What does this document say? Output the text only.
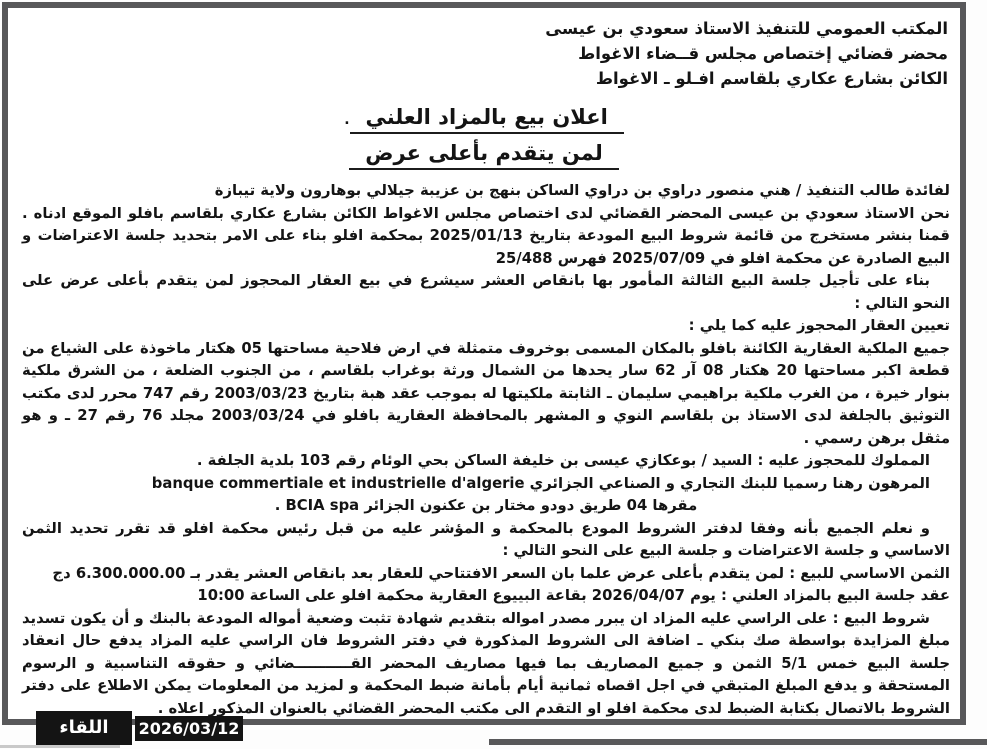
المكتب العمومي للتنفيذ الاستاذ سعودي بن عيسى
محضر قضائي إختصاص مجلس قــضاء الاغواط
الكائن بشارع عكاري بلقاسم افـلو ـ الاغواط
اعلان بيع بالمزاد العلني.
لمن يتقدم بأعلى عرض

لفائدة طالب التنفيذ / هني منصور دراوي بن دراوي الساكن بنهج بن عزيبة جيلالي بوهارون ولاية تيبازة

نحن الاستاذ سعودي بن عيسى المحضر القضائي لدى اختصاص مجلس الاغواط الكائن بشارع عكاري بلقاسم بافلو الموقع ادناه . قمنا بنشر مستخرج من قائمة شروط البيع المودعة بتاريخ 2025/01/13 بمحكمة افلو بناء على الامر بتحديد جلسة الاعتراضات و البيع الصادرة عن محكمة افلو في 2025/07/09 فهرس 25/488

بناء على تأجيل جلسة البيع الثالثة المأمور بها بانقاص العشر سيشرع في بيع العقار المحجوز لمن يتقدم بأعلى عرض على النحو التالي :

تعيين العقار المحجوز عليه كما يلي :

جميع الملكية العقارية الكائنة بافلو بالمكان المسمى بوخروف متمثلة في ارض فلاحية مساحتها 05 هكتار ماخوذة على الشياع من قطعة اكبر مساحتها 20 هكتار 08 آر 62 سار يحدها من الشمال ورثة بوغراب بلقاسم ، من الجنوب الضلعة ، من الشرق ملكية بنوار خيرة ، من الغرب ملكية براهيمي سليمان ـ الثابتة ملكيتها له بموجب عقد هبة بتاريخ 2003/03/23 رقم 747 محرر لدى مكتب التوثيق بالجلفة لدى الاستاذ بن بلقاسم النوي و المشهر بالمحافظة العقارية بافلو في 2003/03/24 مجلد 76 رقم 27 ـ و هو مثقل برهن رسمي .

المملوك للمحجوز عليه : السيد / بوعكازي عيسى بن خليفة الساكن بحي الوئام رقم 103 بلدية الجلفة .

المرهون رهنا رسميا للبنك التجاري و الصناعي الجزائري banque commertiale et industrielle d'algerie

مقرها 04 طريق دودو مختار بن عكنون الجزائر BCIA spa .

و نعلم الجميع بأنه وفقا لدفتر الشروط المودع بالمحكمة و المؤشر عليه من قبل رئيس محكمة افلو قد تقرر تحديد الثمن الاساسي و جلسة الاعتراضات و جلسة البيع على النحو التالي :

الثمن الاساسي للبيع : لمن يتقدم بأعلى عرض علما بان السعر الافتتاحي للعقار بعد بانقاص العشر يقدر بـ 6.300.000.00 دج

عقد جلسة البيع بالمزاد العلني : يوم 2026/04/07 بقاعة البييوع العقارية محكمة افلو على الساعة 10:00

شروط البيع : على الراسي عليه المزاد ان يبرر مصدر امواله بتقديم شهادة تثبت وضعية أمواله المودعة بالبنك و أن يكون تسديد مبلغ المزايدة بواسطة صك بنكي ـ اضافة الى الشروط المذكورة في دفتر الشروط فان الراسي عليه المزاد يدفع حال انعقاد جلسة البيع خمس 5/1 الثمن و جميع المصاريف بما فيها مصاريف المحضر القـــــــــــضائي و حقوقه التناسبية و الرسوم المستحقة و يدفع المبلغ المتبقي في اجل اقصاه ثمانية أيام بأمانة ضبط المحكمة و لمزيد من المعلومات يمكن الاطلاع على دفتر الشروط بالاتصال بكتابة الضبط لدى محكمة افلو او التقدم الى مكتب المحضر القضائي بالعنوان المذكور اعلاه .

اللقاء	2026/03/12
